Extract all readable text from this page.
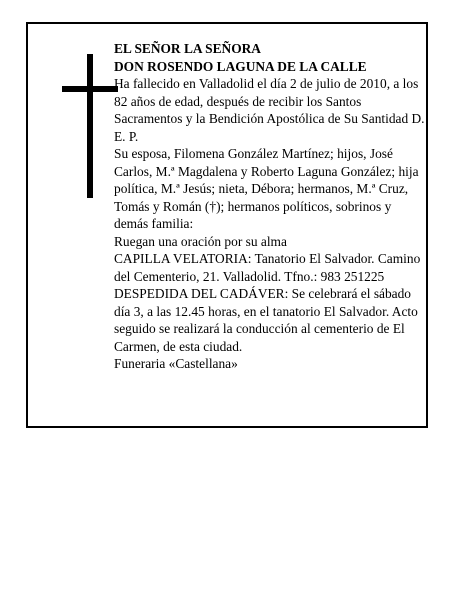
EL SEÑOR LA SEÑORA

DON ROSENDO LAGUNA DE LA CALLE

Ha fallecido en Valladolid el día 2 de julio de 2010, a los 82 años de edad, después de recibir los Santos Sacramentos y la Bendición Apostólica de Su Santidad D. E. P.

Su esposa, Filomena González Martínez; hijos, José Carlos, M.ª Magdalena y Roberto Laguna González; hija política, M.ª Jesús; nieta, Débora; hermanos, M.ª Cruz, Tomás y Román (†); hermanos políticos, sobrinos y demás familia:

Ruegan una oración por su alma

CAPILLA VELATORIA: Tanatorio El Salvador. Camino del Cementerio, 21. Valladolid. Tfno.: 983 251225

DESPEDIDA DEL CADÁVER: Se celebrará el sábado día 3, a las 12.45 horas, en el tanatorio El Salvador. Acto seguido se realizará la conducción al cementerio de El Carmen, de esta ciudad.

Funeraria «Castellana»
